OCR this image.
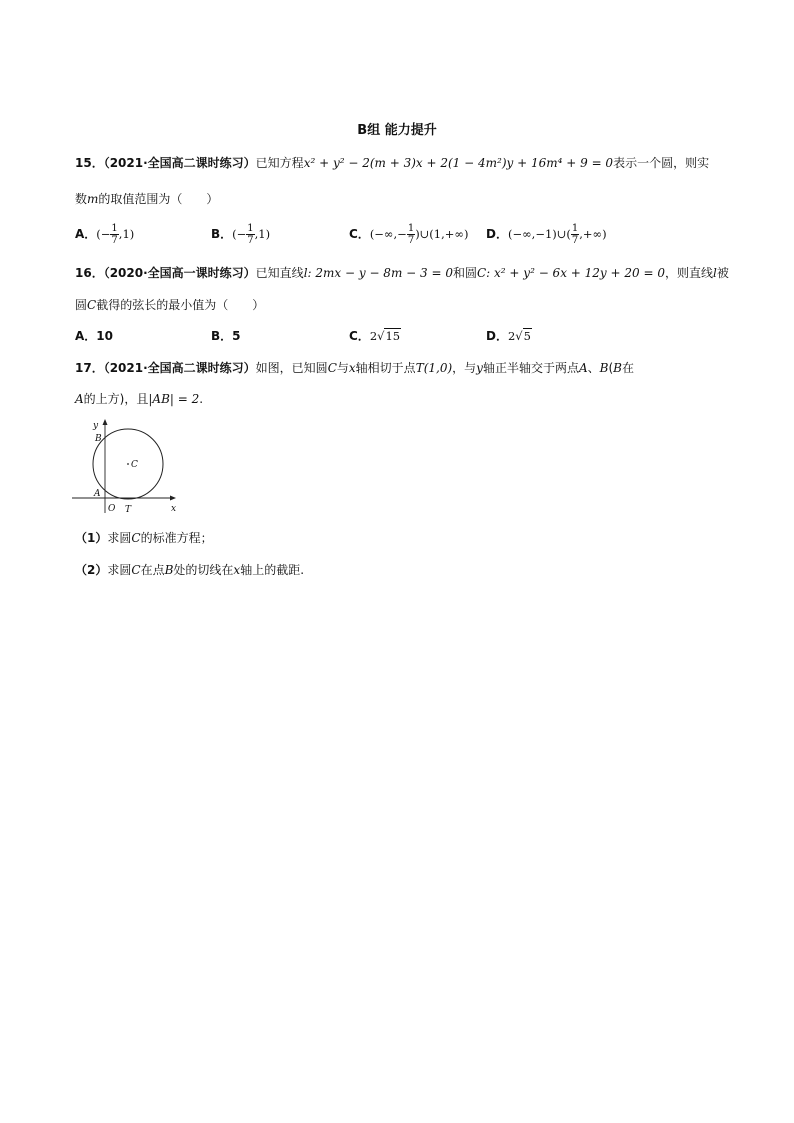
B组 能力提升
15．（2021·全国高二课时练习）已知方程x² + y² − 2(m + 3)x + 2(1 − 4m²)y + 16m⁴ + 9 = 0表示一个圆，则实
数m的取值范围为（　　）
A．(− $\frac{1}{7} ,1$)	B．(− $\frac{1}{7} ,1$)	C．(−∞,− $\frac{1}{7}$ )∪(1,+∞) D．(−∞,−1)∪( $\frac{1}{7}$ ,+∞)
16．（2020·全国高一课时练习）已知直线l: 2mx − y − 8m − 3 = 0和圆C: x² + y² − 6x + 12y + 20 = 0，则直线l被
圆C截得的弦长的最小值为（　　）
A．10	B．5	C．2√15	D．2√5
17．（2021·全国高二课时练习）如图，已知圆C与x轴相切于点T(1,0)，与y轴正半轴交于两点A、B(B在
A的上方)，且|AB| = 2.
y
x
B
A
C
O T
（1）求圆C的标准方程；
（2）求圆C在点B处的切线在x轴上的截距.
